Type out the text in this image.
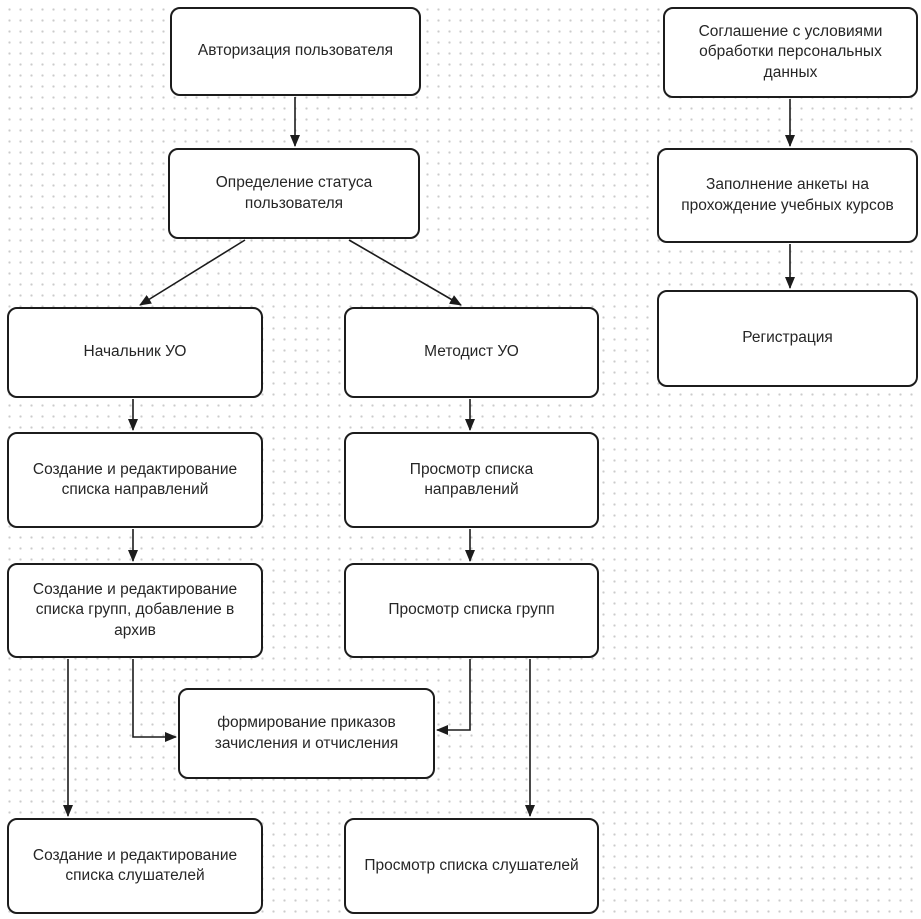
Авторизация пользователя
Определение статуса пользователя
Начальник УО	Методист УО
Создание и редактирование списка направлений
Просмотр списка направлений
Создание и редактирование списка групп, добавление в архив
Просмотр списка групп
формирование приказов зачисления и отчисления
Создание и редактирование списка слушателей
Просмотр списка слушателей
Соглашение с условиями обработки персональных данных
Заполнение анкеты на прохождение учебных курсов
Регистрация
